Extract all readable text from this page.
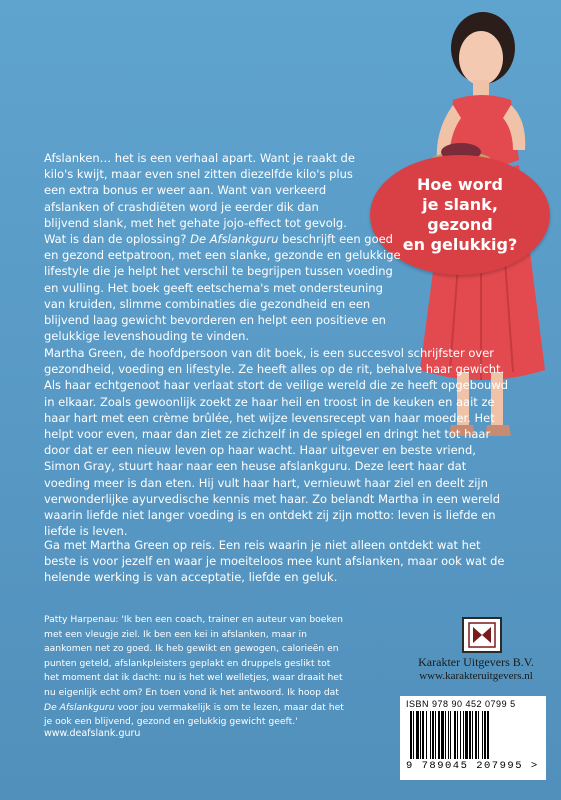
Hoe word
je slank, gezond
en gelukkig?

Afslanken… het is een verhaal apart. Want je raakt de kilo's kwijt, maar even snel zitten diezelfde kilo's plus een extra bonus er weer aan. Want van verkeerd afslanken of crashdiëten word je eerder dik dan blijvend slank, met het gehate jojo-effect tot gevolg.

Wat is dan de oplossing? De Afslankguru beschrijft een goed en gezond eetpatroon, met een slanke, gezonde en gelukkige lifestyle die je helpt het verschil te begrijpen tussen voeding en vulling. Het boek geeft eetschema's met ondersteuning van kruiden, slimme combinaties die gezondheid en een blijvend laag gewicht bevorderen en helpt een positieve en gelukkige levenshouding te vinden.

Martha Green, de hoofdpersoon van dit boek, is een succesvol schrijfster over gezondheid, voeding en lifestyle. Ze heeft alles op de rit, behalve haar gewicht. Als haar echtgenoot haar verlaat stort de veilige wereld die ze heeft opgebouwd in elkaar. Zoals gewoonlijk zoekt ze haar heil en troost in de keuken en aait ze haar hart met een crème brûlée, het wijze levensrecept van haar moeder. Het helpt voor even, maar dan ziet ze zichzelf in de spiegel en dringt het tot haar door dat er een nieuw leven op haar wacht. Haar uitgever en beste vriend, Simon Gray, stuurt haar naar een heuse afslankguru. Deze leert haar dat voeding meer is dan eten. Hij vult haar hart, vernieuwt haar ziel en deelt zijn verwonderlijke ayurvedische kennis met haar. Zo belandt Martha in een wereld waarin liefde niet langer voeding is en ontdekt zij zijn motto: leven is liefde en liefde is leven.

Ga met Martha Green op reis. Een reis waarin je niet alleen ontdekt wat het beste is voor jezelf en waar je moeiteloos mee kunt afslanken, maar ook wat de helende werking is van acceptatie, liefde en geluk.

Patty Harpenau: 'Ik ben een coach, trainer en auteur van boeken met een vleugje ziel. Ik ben een kei in afslanken, maar in aankomen net zo goed. Ik heb gewikt en gewogen, calorieën en punten geteld, afslankpleisters geplakt en druppels geslikt tot het moment dat ik dacht: nu is het wel welletjes, waar draait het nu eigenlijk echt om? En toen vond ik het antwoord. Ik hoop dat De Afslankguru voor jou vermakelijk is om te lezen, maar dat het je ook een blijvend, gezond en gelukkig gewicht geeft.'
www.deafslank.guru
Karakter Uitgevers B.V.
www.karakteruitgevers.nl
ISBN 978 90 452 0799 5
9 789045 207995 >
